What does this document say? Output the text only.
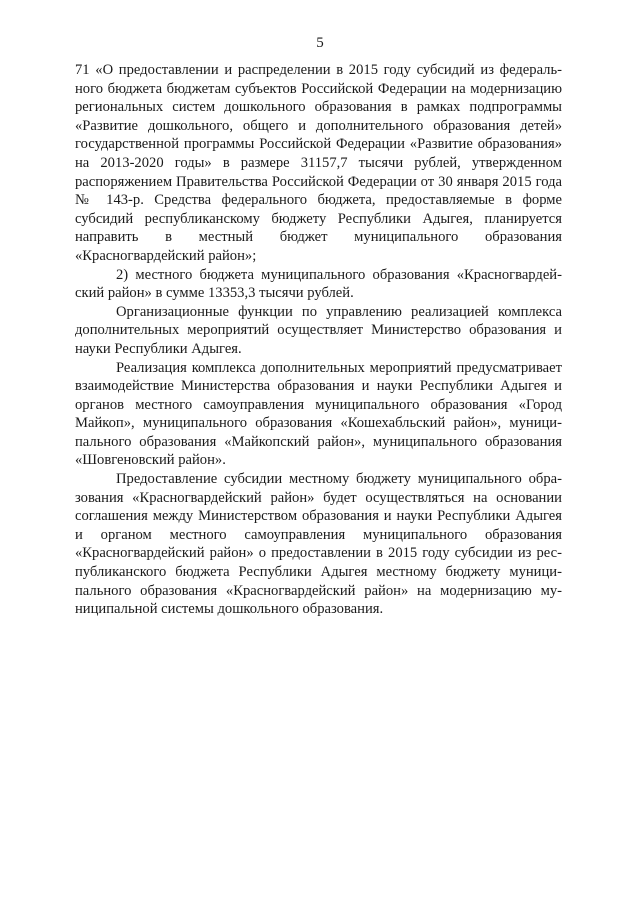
5

71 «О предоставлении и распределении в 2015 году субсидий из федерального бюджета бюджетам субъектов Российской Федерации на модернизацию региональных систем дошкольного образования в рамках подпрограммы «Развитие дошкольного, общего и дополнительного образования детей» государственной программы Российской Федерации «Развитие образования» на 2013-2020 годы» в размере 31157,7 тысячи рублей, утвержденном распоряжением Правительства Российской Федерации от 30 января 2015 года № 143-р. Средства федерального бюджета, предоставляемые в форме субсидий республиканскому бюджету Республики Адыгея, планируется направить в местный бюджет муниципального образования «Красногвардейский район»;

2) местного бюджета муниципального образования «Красногвардейский район» в сумме 13353,3 тысячи рублей.

Организационные функции по управлению реализацией комплекса дополнительных мероприятий осуществляет Министерство образования и науки Республики Адыгея.

Реализация комплекса дополнительных мероприятий предусматривает взаимодействие Министерства образования и науки Республики Адыгея и органов местного самоуправления муниципального образования «Город Майкоп», муниципального образования «Кошехабльский район», муниципального образования «Майкопский район», муниципального образования «Шовгеновский район».

Предоставление субсидии местному бюджету муниципального образования «Красногвардейский район» будет осуществляться на основании соглашения между Министерством образования и науки Республики Адыгея и органом местного самоуправления муниципального образования «Красногвардейский район» о предоставлении в 2015 году субсидии из республиканского бюджета Республики Адыгея местному бюджету муниципального образования «Красногвардейский район» на модернизацию муниципальной системы дошкольного образования.
